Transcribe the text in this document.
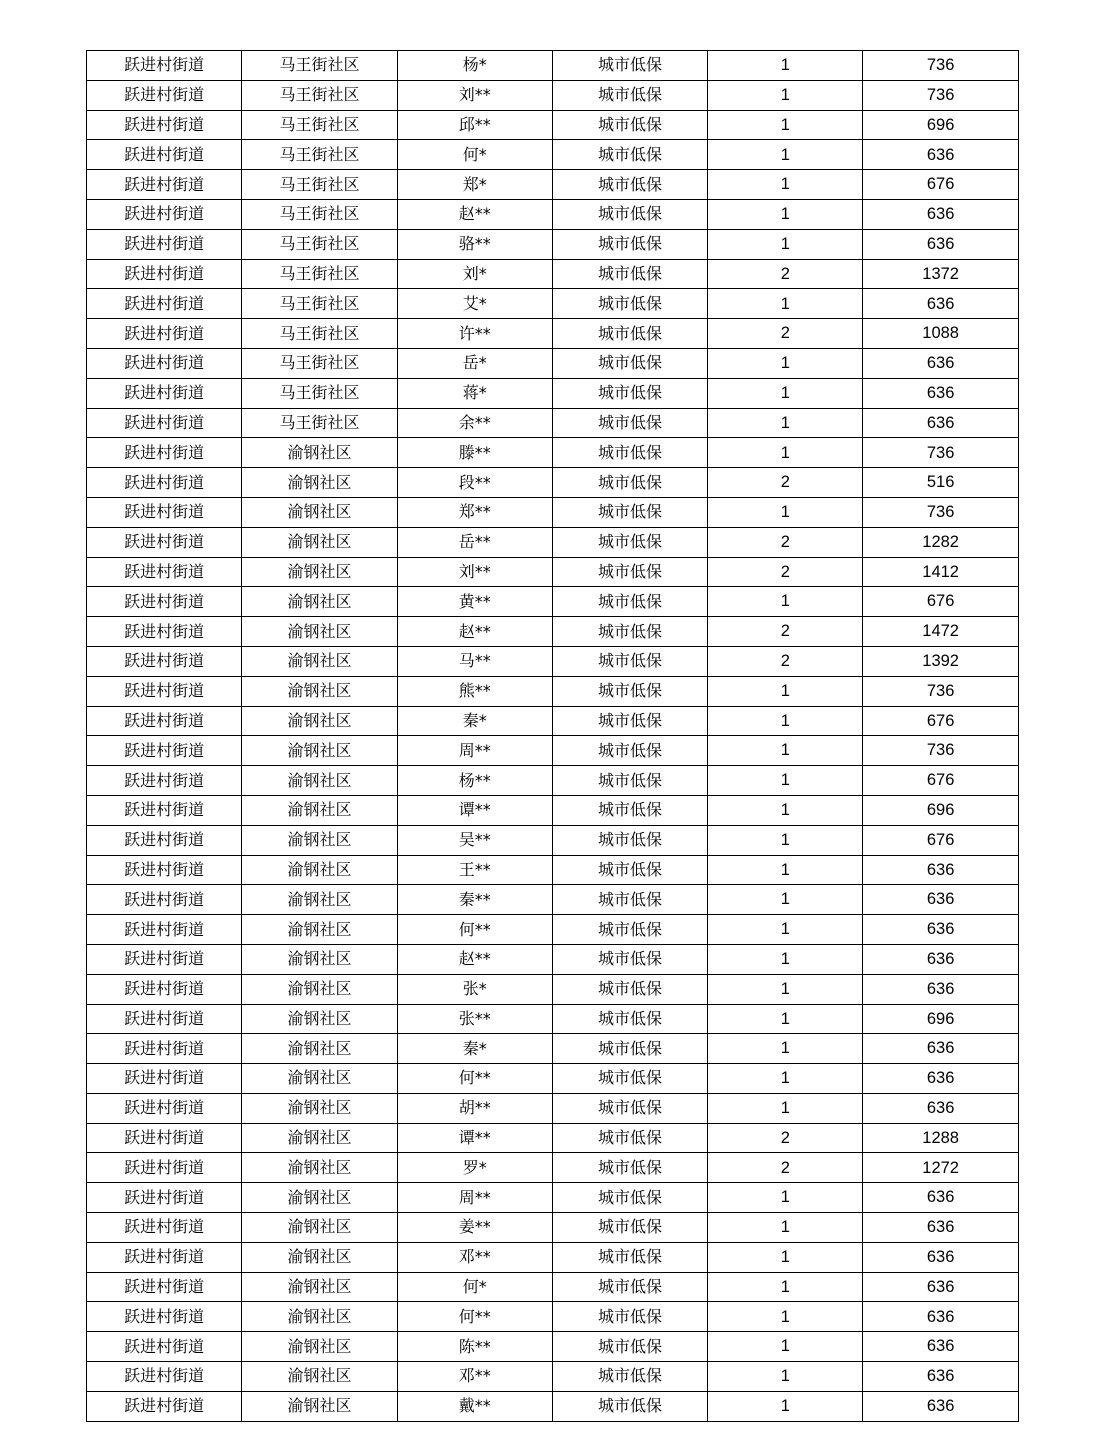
跃进村街道	马王街社区	杨*	城市低保	1	736
跃进村街道	马王街社区	刘**	城市低保	1	736
跃进村街道	马王街社区	邱**	城市低保	1	696
跃进村街道	马王街社区	何*	城市低保	1	636
跃进村街道	马王街社区	郑*	城市低保	1	676
跃进村街道	马王街社区	赵**	城市低保	1	636
跃进村街道	马王街社区	骆**	城市低保	1	636
跃进村街道	马王街社区	刘*	城市低保	2	1372
跃进村街道	马王街社区	艾*	城市低保	1	636
跃进村街道	马王街社区	许**	城市低保	2	1088
跃进村街道	马王街社区	岳*	城市低保	1	636
跃进村街道	马王街社区	蒋*	城市低保	1	636
跃进村街道	马王街社区	余**	城市低保	1	636
跃进村街道	渝钢社区	滕**	城市低保	1	736
跃进村街道	渝钢社区	段**	城市低保	2	516
跃进村街道	渝钢社区	郑**	城市低保	1	736
跃进村街道	渝钢社区	岳**	城市低保	2	1282
跃进村街道	渝钢社区	刘**	城市低保	2	1412
跃进村街道	渝钢社区	黄**	城市低保	1	676
跃进村街道	渝钢社区	赵**	城市低保	2	1472
跃进村街道	渝钢社区	马**	城市低保	2	1392
跃进村街道	渝钢社区	熊**	城市低保	1	736
跃进村街道	渝钢社区	秦*	城市低保	1	676
跃进村街道	渝钢社区	周**	城市低保	1	736
跃进村街道	渝钢社区	杨**	城市低保	1	676
跃进村街道	渝钢社区	谭**	城市低保	1	696
跃进村街道	渝钢社区	吴**	城市低保	1	676
跃进村街道	渝钢社区	王**	城市低保	1	636
跃进村街道	渝钢社区	秦**	城市低保	1	636
跃进村街道	渝钢社区	何**	城市低保	1	636
跃进村街道	渝钢社区	赵**	城市低保	1	636
跃进村街道	渝钢社区	张*	城市低保	1	636
跃进村街道	渝钢社区	张**	城市低保	1	696
跃进村街道	渝钢社区	秦*	城市低保	1	636
跃进村街道	渝钢社区	何**	城市低保	1	636
跃进村街道	渝钢社区	胡**	城市低保	1	636
跃进村街道	渝钢社区	谭**	城市低保	2	1288
跃进村街道	渝钢社区	罗*	城市低保	2	1272
跃进村街道	渝钢社区	周**	城市低保	1	636
跃进村街道	渝钢社区	姜**	城市低保	1	636
跃进村街道	渝钢社区	邓**	城市低保	1	636
跃进村街道	渝钢社区	何*	城市低保	1	636
跃进村街道	渝钢社区	何**	城市低保	1	636
跃进村街道	渝钢社区	陈**	城市低保	1	636
跃进村街道	渝钢社区	邓**	城市低保	1	636
跃进村街道	渝钢社区	戴**	城市低保	1	636
